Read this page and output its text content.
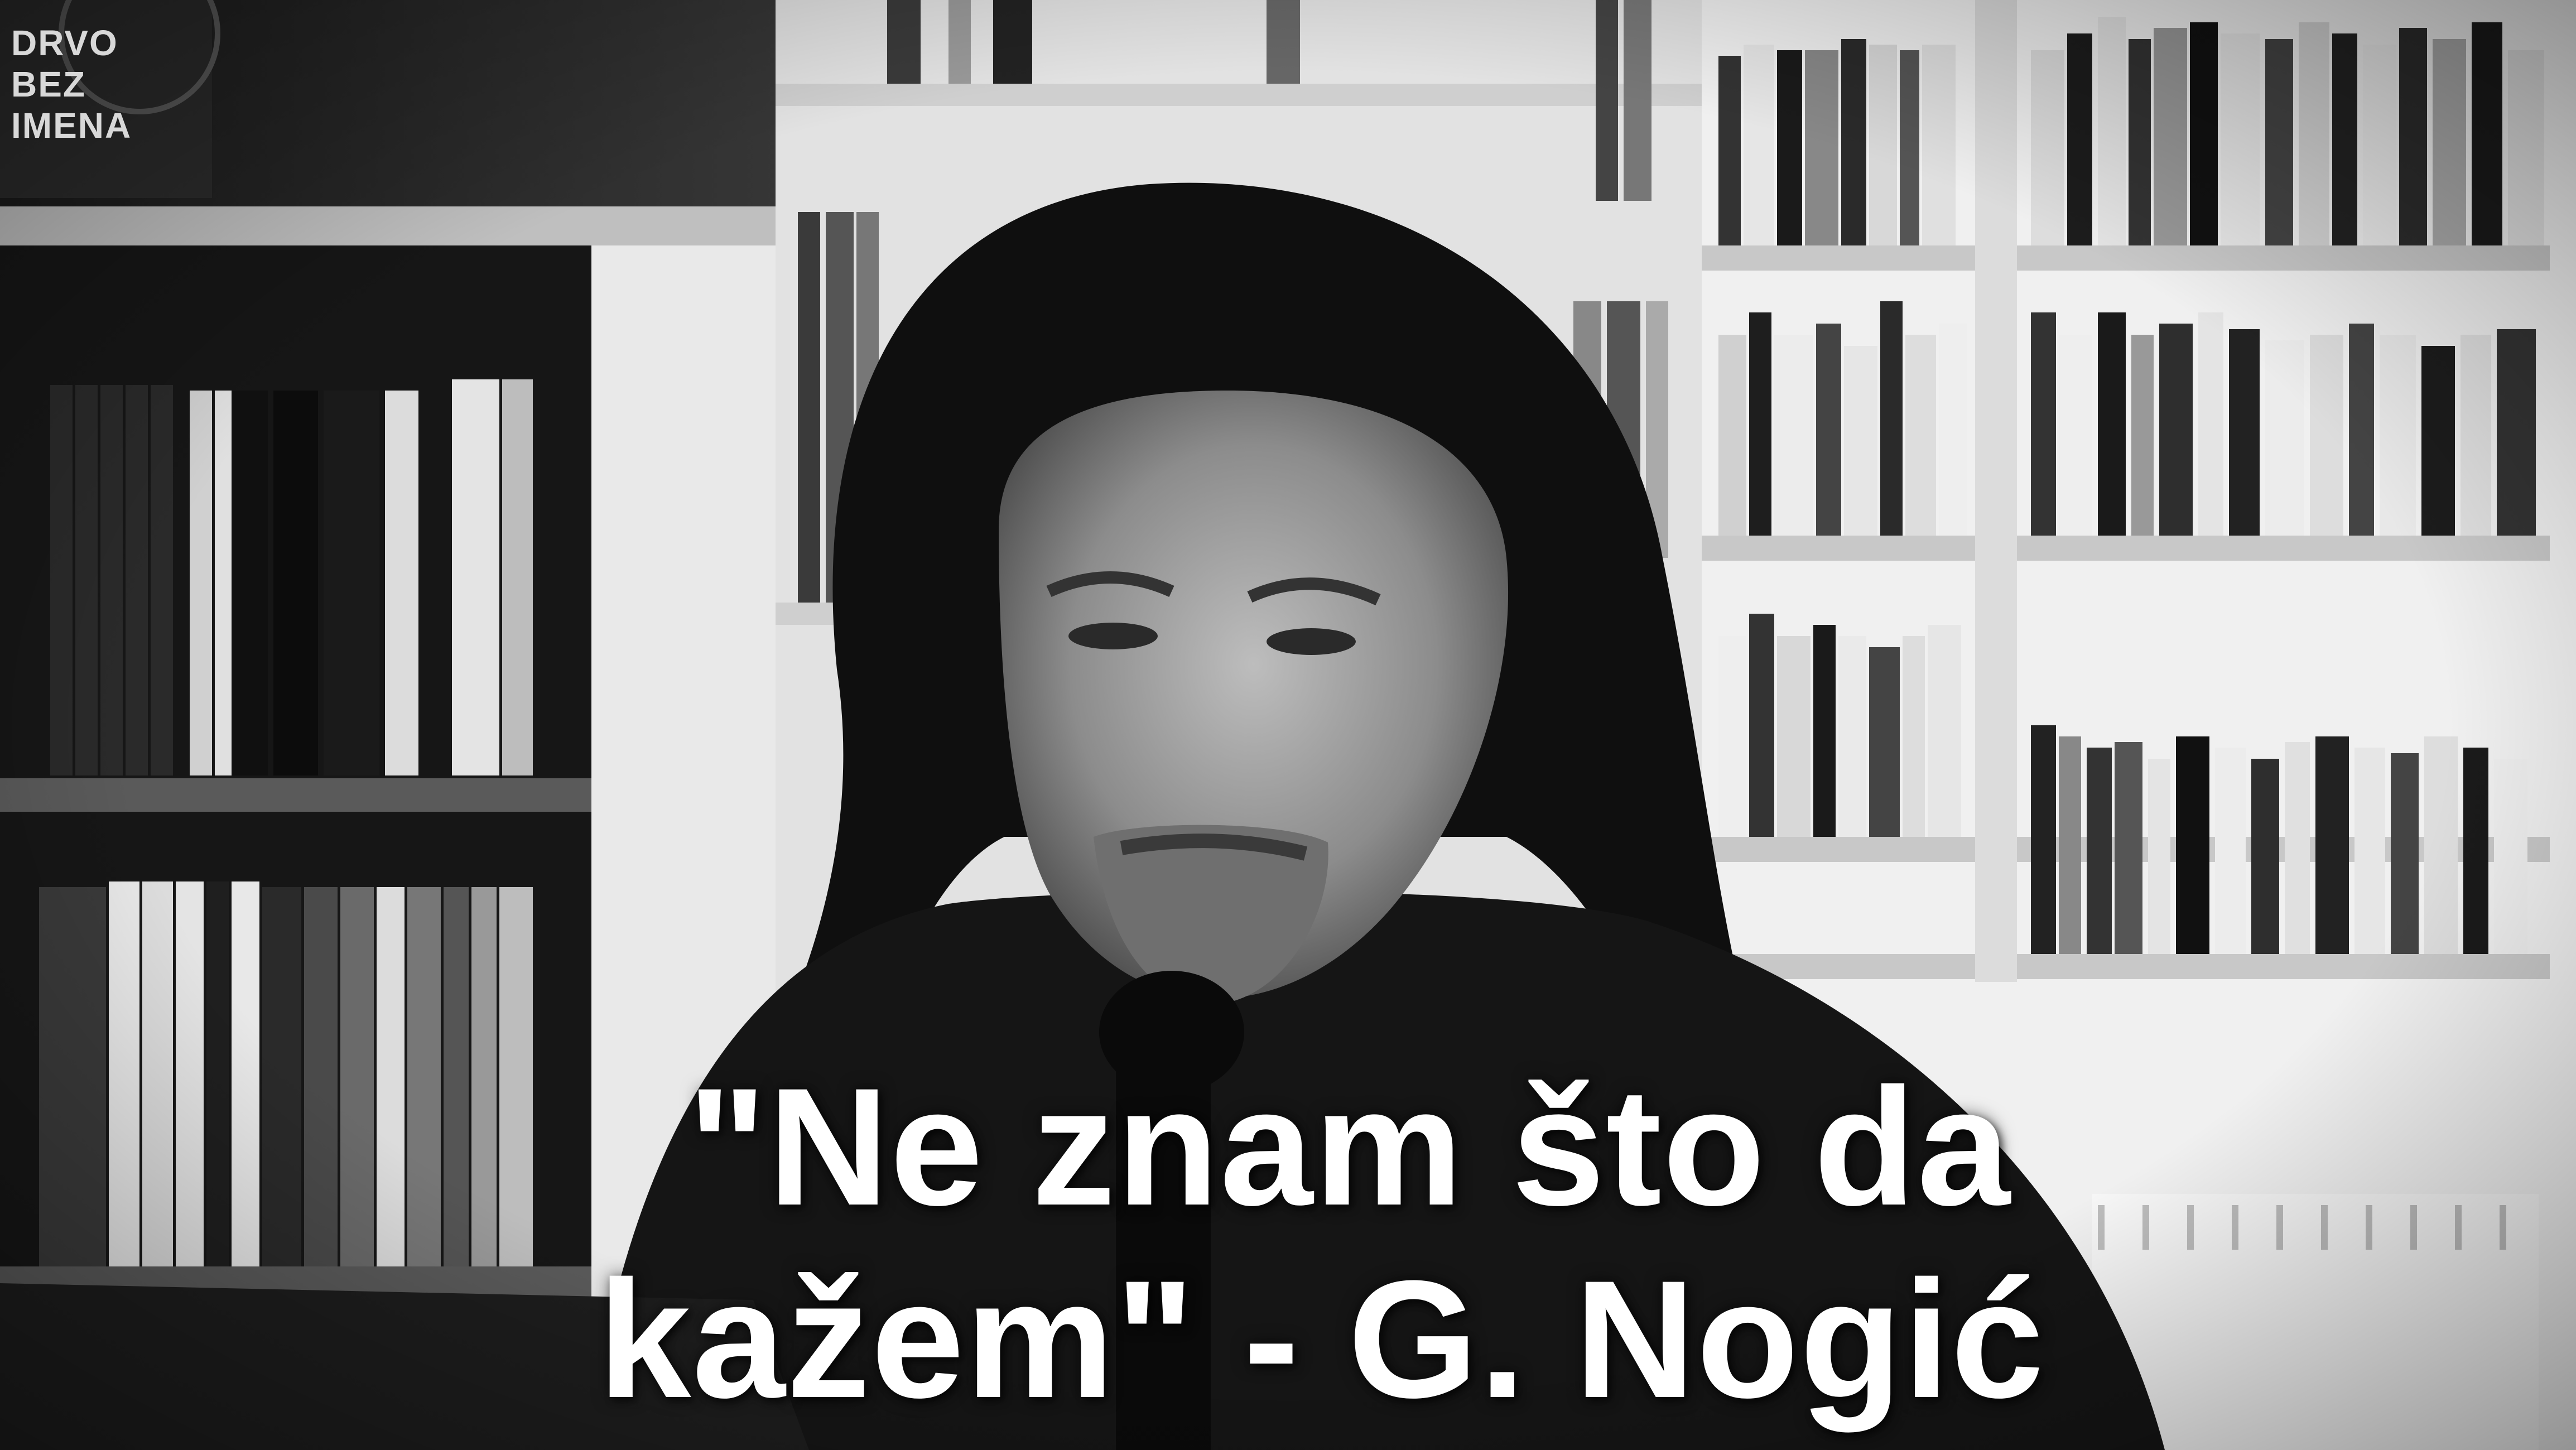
DRVO
BEZ
IMENA
"Ne znam što da
kažem" - G. Nogić
